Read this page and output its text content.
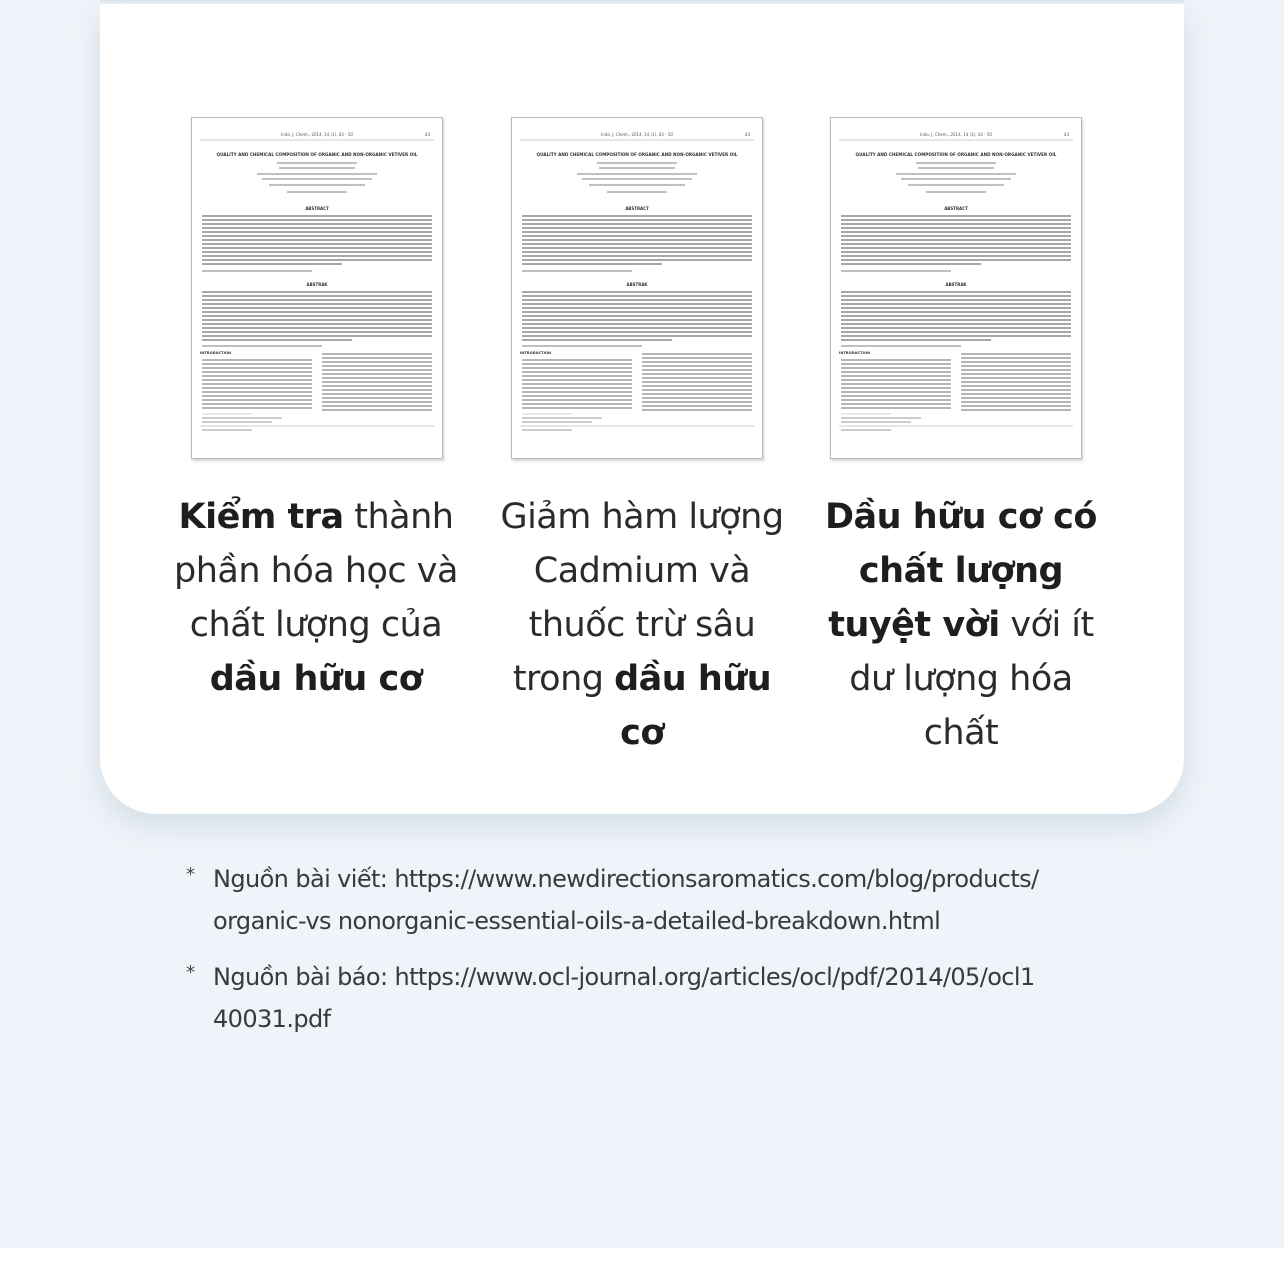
Indo. J. Chem., 2014, 14 (1), 43 - 50	43
QUALITY AND CHEMICAL COMPOSITION OF ORGANIC AND NON-ORGANIC VETIVER OIL
ABSTRACT
ABSTRAK
INTRODUCTION
Indo. J. Chem., 2014, 14 (1), 43 - 50	43
QUALITY AND CHEMICAL COMPOSITION OF ORGANIC AND NON-ORGANIC VETIVER OIL
ABSTRACT
ABSTRAK
INTRODUCTION
Indo. J. Chem., 2014, 14 (1), 43 - 50	43
QUALITY AND CHEMICAL COMPOSITION OF ORGANIC AND NON-ORGANIC VETIVER OIL
ABSTRACT
ABSTRAK
INTRODUCTION
Kiểm tra thành phần hóa học và chất lượng của dầu hữu cơ
Giảm hàm lượng Cadmium và thuốc trừ sâu trong dầu hữu cơ
Dầu hữu cơ có chất lượng tuyệt vời với ít dư lượng hóa chất
* Nguồn bài viết: https://www.newdirectionsaromatics.com/blog/products/organic-vs nonorganic-essential-oils-a-detailed-breakdown.html
* Nguồn bài báo: https://www.ocl-journal.org/articles/ocl/pdf/2014/05/ocl140031.pdf
